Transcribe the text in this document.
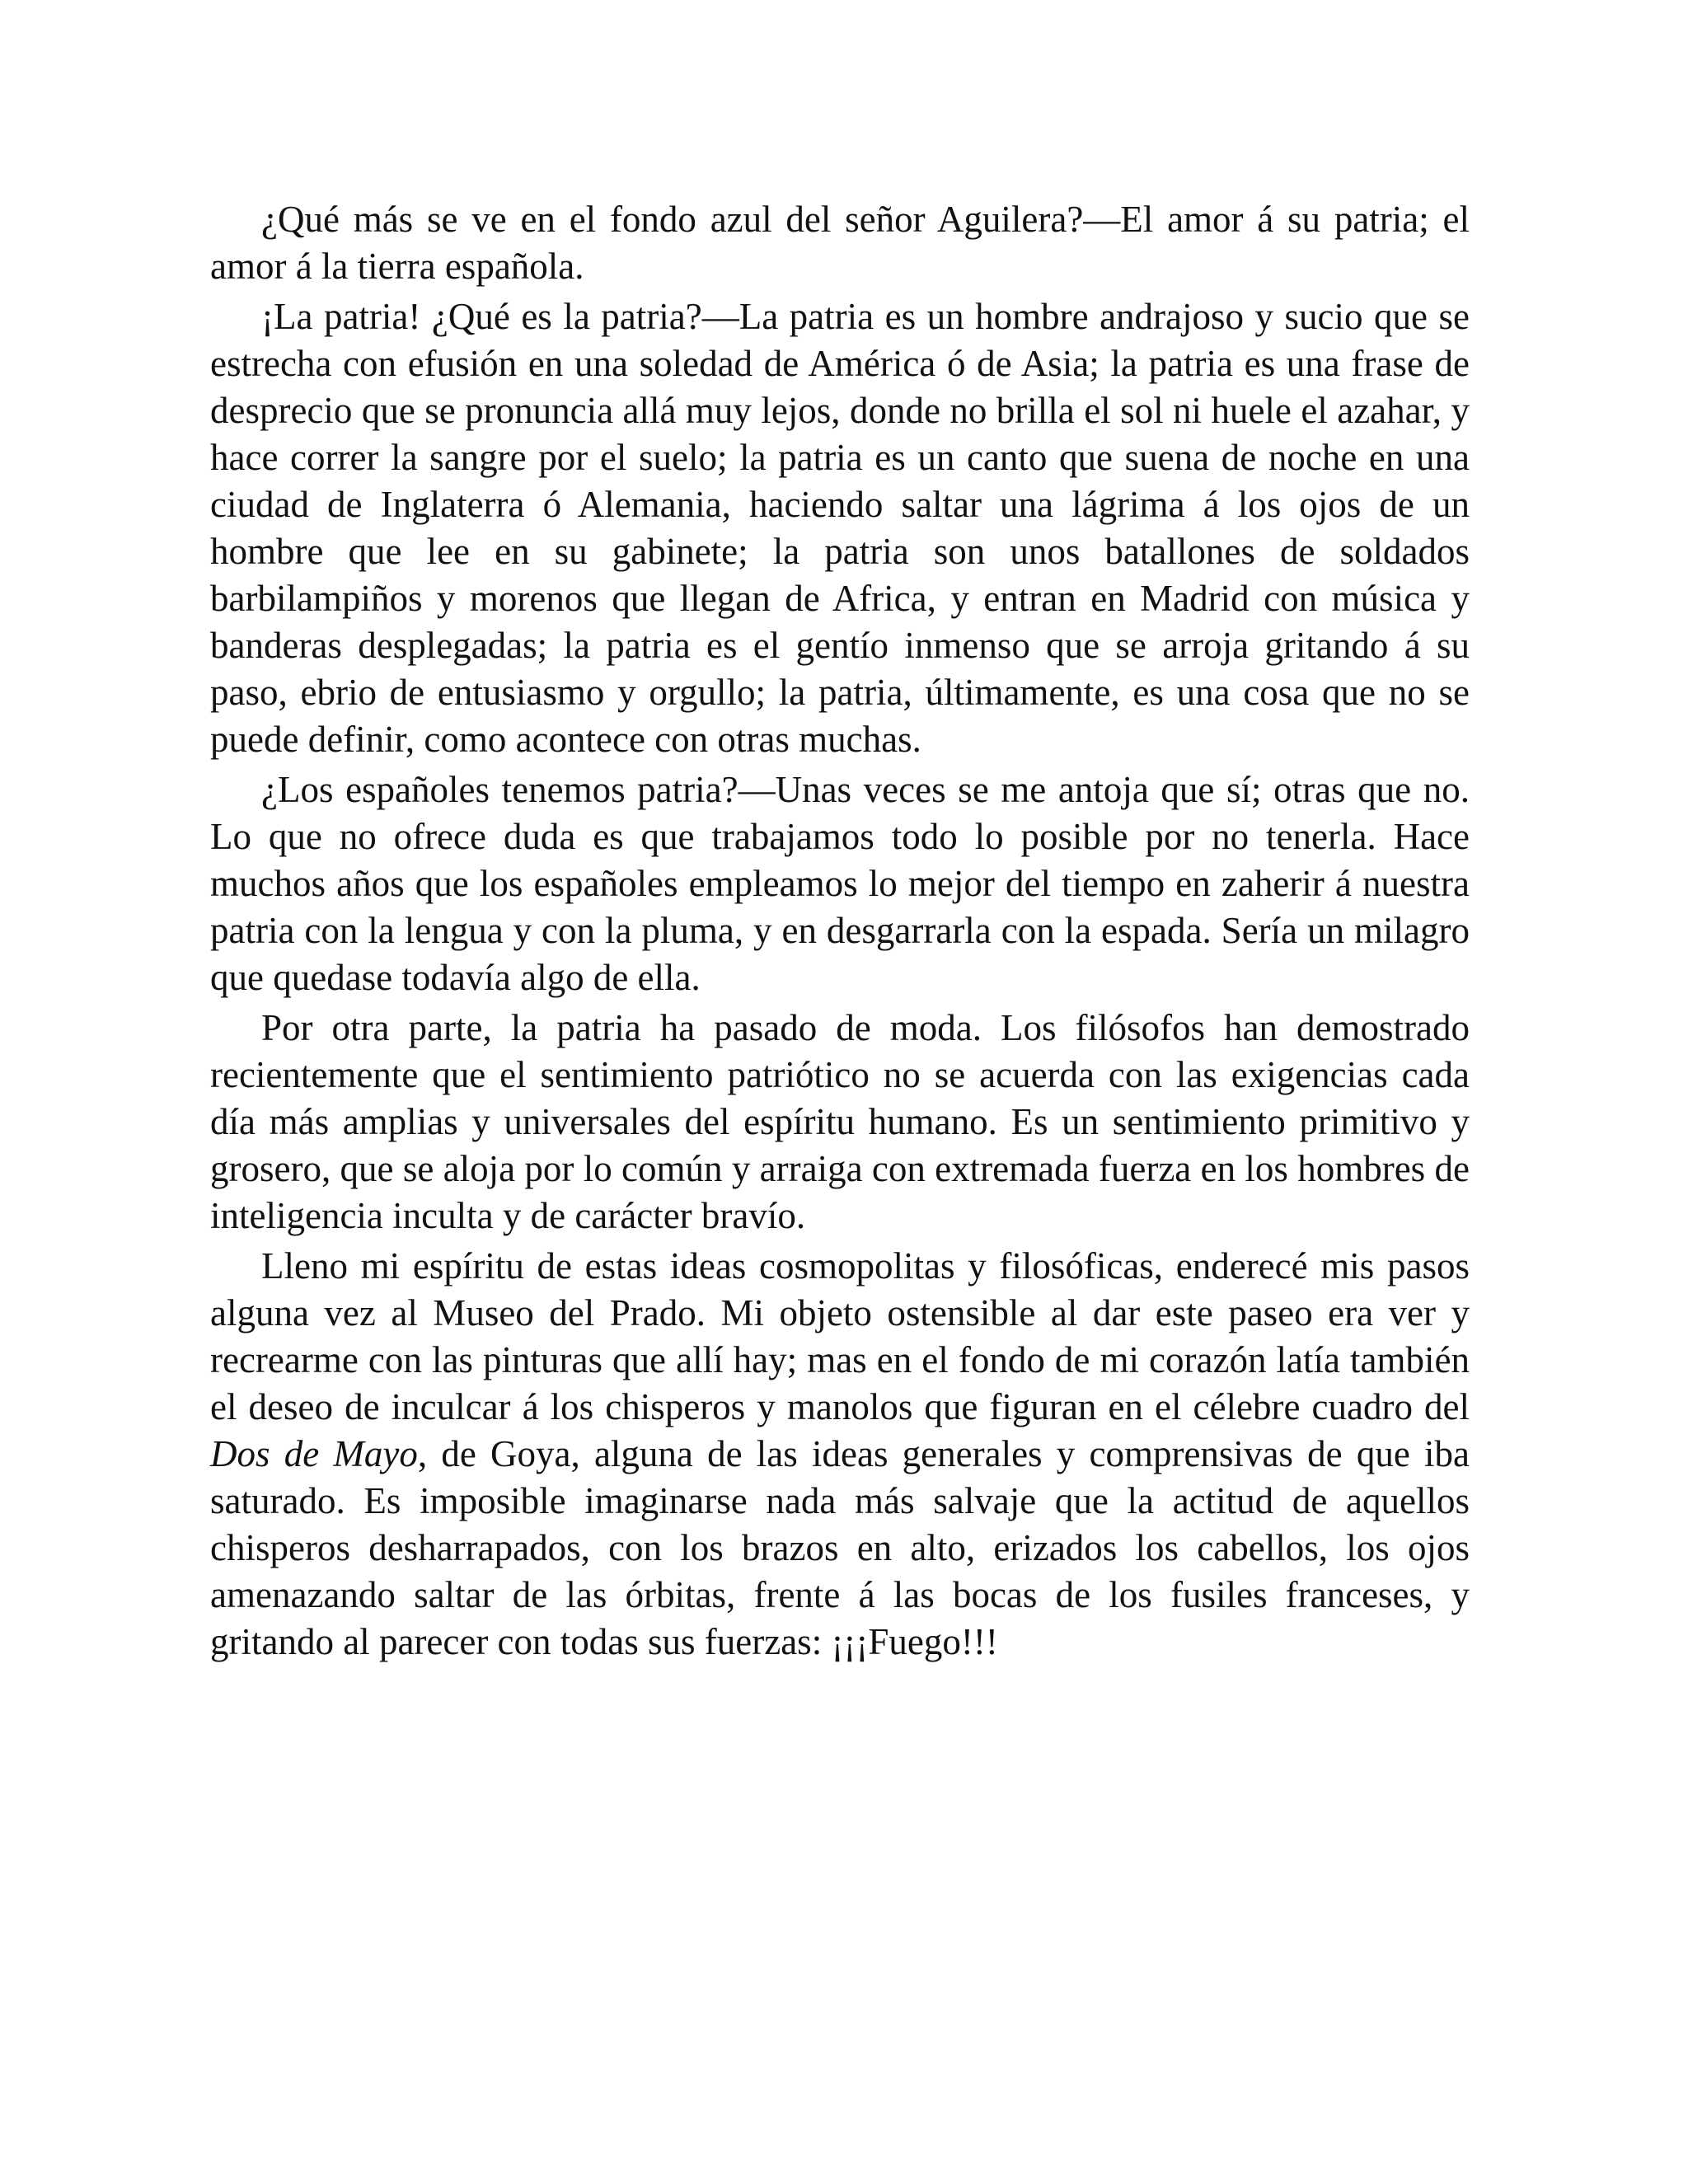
¿Qué más se ve en el fondo azul del señor Aguilera?—El amor á su patria; el amor á la tierra española.

¡La patria! ¿Qué es la patria?—La patria es un hombre andrajoso y sucio que se estrecha con efusión en una soledad de América ó de Asia; la patria es una frase de desprecio que se pronuncia allá muy lejos, donde no brilla el sol ni huele el azahar, y hace correr la sangre por el suelo; la patria es un canto que suena de noche en una ciudad de Inglaterra ó Alemania, haciendo saltar una lágrima á los ojos de un hombre que lee en su gabinete; la patria son unos batallones de soldados barbilampiños y morenos que llegan de Africa, y entran en Madrid con música y banderas desplegadas; la patria es el gentío inmenso que se arroja gritando á su paso, ebrio de entusiasmo y orgullo; la patria, últimamente, es una cosa que no se puede definir, como acontece con otras muchas.

¿Los españoles tenemos patria?—Unas veces se me antoja que sí; otras que no. Lo que no ofrece duda es que trabajamos todo lo posible por no tenerla. Hace muchos años que los españoles empleamos lo mejor del tiempo en zaherir á nuestra patria con la lengua y con la pluma, y en desgarrarla con la espada. Sería un milagro que quedase todavía algo de ella.

Por otra parte, la patria ha pasado de moda. Los filósofos han demostrado recientemente que el sentimiento patriótico no se acuerda con las exigencias cada día más amplias y universales del espíritu humano. Es un sentimiento primitivo y grosero, que se aloja por lo común y arraiga con extremada fuerza en los hombres de inteligencia inculta y de carácter bravío.

Lleno mi espíritu de estas ideas cosmopolitas y filosóficas, enderecé mis pasos alguna vez al Museo del Prado. Mi objeto ostensible al dar este paseo era ver y recrearme con las pinturas que allí hay; mas en el fondo de mi corazón latía también el deseo de inculcar á los chisperos y manolos que figuran en el célebre cuadro del Dos de Mayo, de Goya, alguna de las ideas generales y comprensivas de que iba saturado. Es imposible imaginarse nada más salvaje que la actitud de aquellos chisperos desharrapados, con los brazos en alto, erizados los cabellos, los ojos amenazando saltar de las órbitas, frente á las bocas de los fusiles franceses, y gritando al parecer con todas sus fuerzas: ¡¡¡Fuego!!!
